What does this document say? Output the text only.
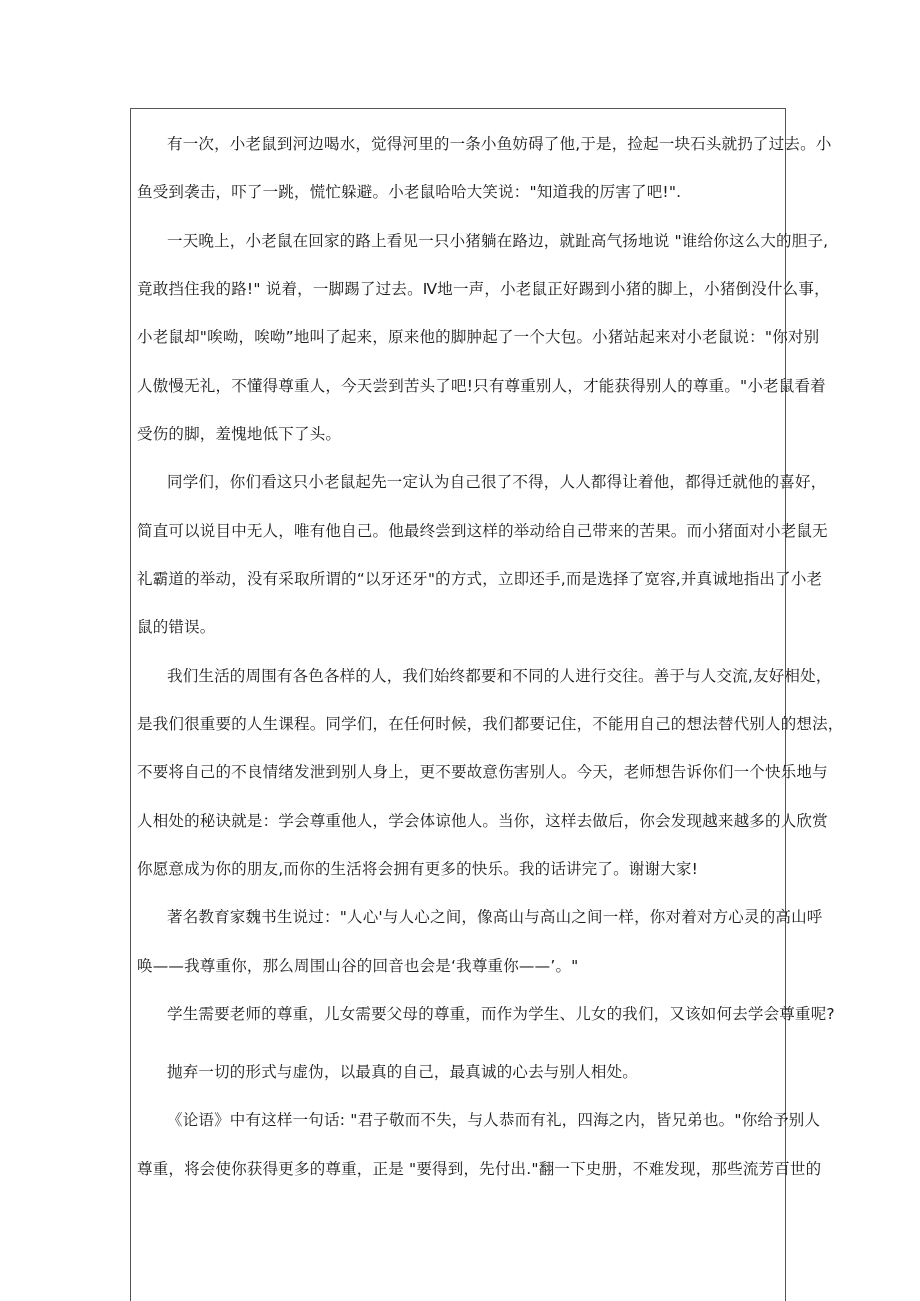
有一次，小老鼠到河边喝水，觉得河里的一条小鱼妨碍了他,于是，捡起一块石头就扔了过去。小
鱼受到袭击，吓了一跳，慌忙躲避。小老鼠哈哈大笑说："知道我的厉害了吧!".
一天晚上，小老鼠在回家的路上看见一只小猪躺在路边，就趾高气扬地说 "谁给你这么大的胆子,
竟敢挡住我的路!" 说着，一脚踢了过去。Ⅳ地一声，小老鼠正好踢到小猪的脚上，小猪倒没什么事，
小老鼠却"唉呦，唉呦”地叫了起来，原来他的脚肿起了一个大包。小猪站起来对小老鼠说："你对别
人傲慢无礼，不懂得尊重人，今天尝到苦头了吧!只有尊重别人，才能获得别人的尊重。"小老鼠看着
受伤的脚，羞愧地低下了头。
同学们，你们看这只小老鼠起先一定认为自己很了不得，人人都得让着他，都得迁就他的喜好，
简直可以说目中无人，唯有他自己。他最终尝到这样的举动给自己带来的苦果。而小猪面对小老鼠无
礼霸道的举动，没有采取所谓的“以牙还牙"的方式，立即还手,而是选择了宽容,并真诚地指出了小老
鼠的错误。
我们生活的周围有各色各样的人，我们始终都要和不同的人进行交往。善于与人交流,友好相处，
是我们很重要的人生课程。同学们，在任何时候，我们都要记住，不能用自己的想法替代别人的想法，
不要将自己的不良情绪发泄到别人身上，更不要故意伤害别人。今天，老师想告诉你们一个快乐地与
人相处的秘诀就是：学会尊重他人，学会体谅他人。当你，这样去做后，你会发现越来越多的人欣赏
你愿意成为你的朋友,而你的生活将会拥有更多的快乐。我的话讲完了。谢谢大家!
著名教育家魏书生说过："人心'与人心之间，像高山与高山之间一样，你对着对方心灵的高山呼
唤——我尊重你，那么周围山谷的回音也会是‘我尊重你——’。"
学生需要老师的尊重，儿女需要父母的尊重，而作为学生、儿女的我们，又该如何去学会尊重呢?
抛弃一切的形式与虚伪，以最真的自己，最真诚的心去与别人相处。
《论语》中有这样一句话: "君子敬而不失，与人恭而有礼，四海之内，皆兄弟也。"你给予别人
尊重，将会使你获得更多的尊重，正是 "要得到，先付出."翻一下史册，不难发现，那些流芳百世的
